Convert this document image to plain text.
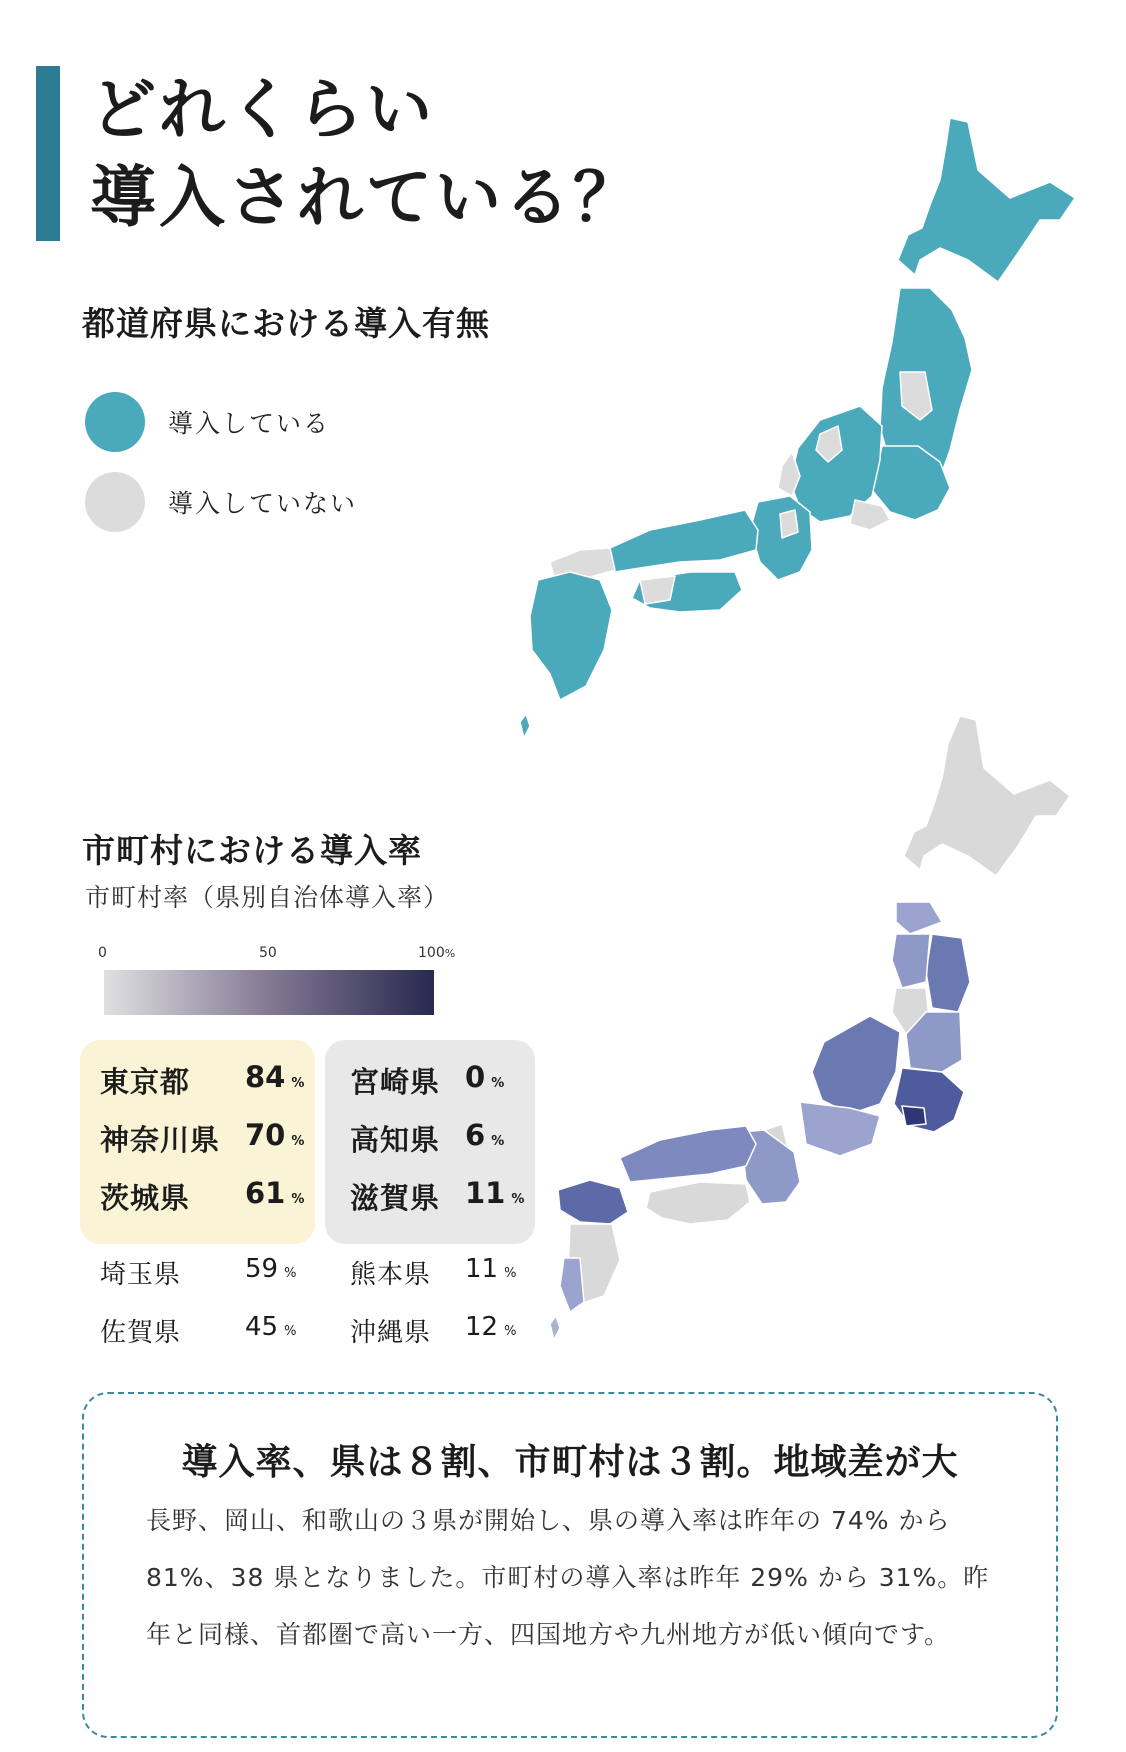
どれくらい
導入されている？
都道府県における導入有無
導入している
導入していない
市町村における導入率
市町村率（県別自治体導入率）
0	50	100%
東京都 84 %
神奈川県 70 %
茨城県 61 %
埼玉県 59 %
佐賀県 45 %
宮崎県 0 %
高知県 6 %
滋賀県 11 %
熊本県 11 %
沖縄県 12 %
導入率、県は８割、市町村は３割。地域差が大
長野、岡山、和歌山の３県が開始し、県の導入率は昨年の 74% から 81%、38 県となりました。市町村の導入率は昨年 29% から 31%。昨年と同様、首都圏で高い一方、四国地方や九州地方が低い傾向です。
